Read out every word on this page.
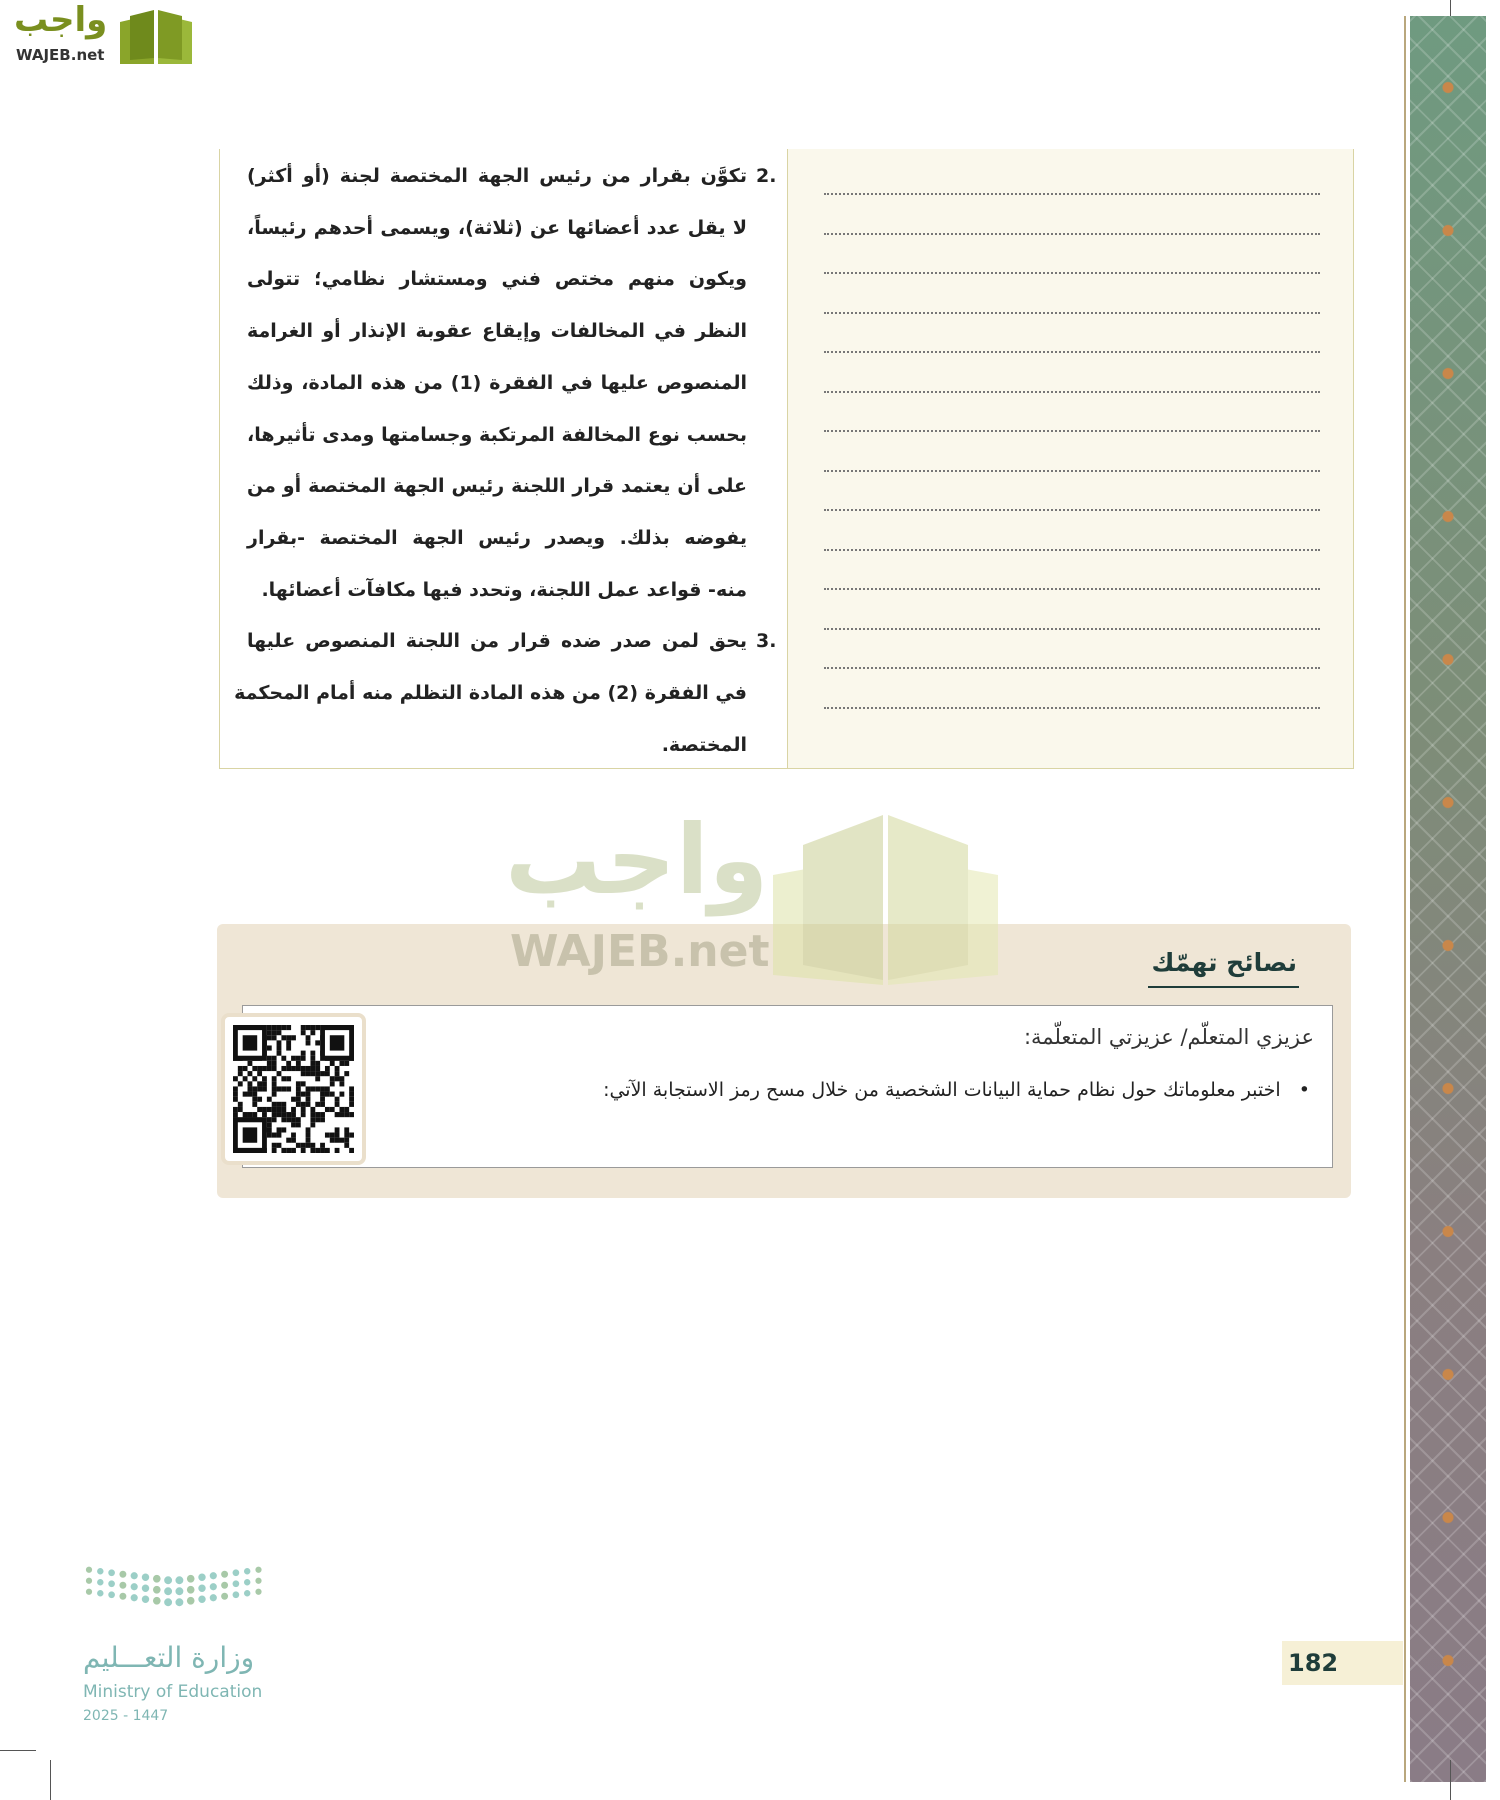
واجب
WAJEB.net
2.
تكوَّن بقرار من رئيس الجهة المختصة لجنة (أو أكثر)
لا يقل عدد أعضائها عن (ثلاثة)، ويسمى أحدهم رئيساً،
ويكون منهم مختص فني ومستشار نظامي؛ تتولى
النظر في المخالفات وإيقاع عقوبة الإنذار أو الغرامة
المنصوص عليها في الفقرة (1) من هذه المادة، وذلك
بحسب نوع المخالفة المرتكبة وجسامتها ومدى تأثيرها،
على أن يعتمد قرار اللجنة رئيس الجهة المختصة أو من
يفوضه بذلك. ويصدر رئيس الجهة المختصة -بقرار
منه- قواعد عمل اللجنة، وتحدد فيها مكافآت أعضائها.
3.
يحق لمن صدر ضده قرار من اللجنة المنصوص عليها
في الفقرة (2) من هذه المادة التظلم منه أمام المحكمة
المختصة.
نصائح تهمّك
عزيزي المتعلّم/ عزيزتي المتعلّمة:
•   اختبر معلوماتك حول نظام حماية البيانات الشخصية من خلال مسح رمز الاستجابة الآتي:
واجب
WAJEB.net
وزارة التعـــليم
Ministry of Education
2025 - 1447
182
